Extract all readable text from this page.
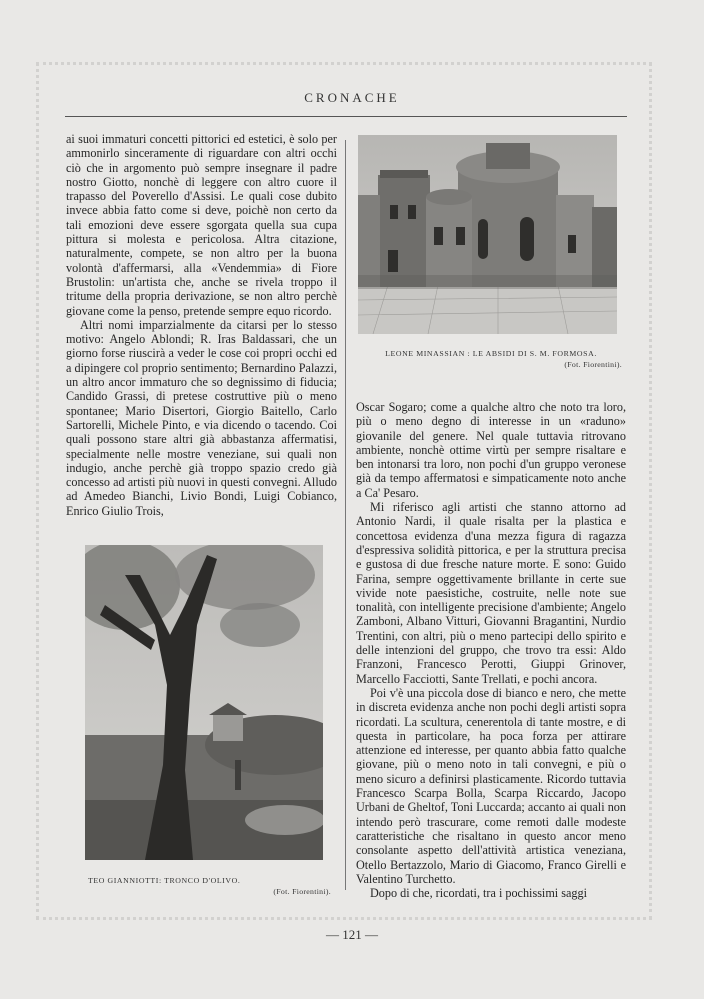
CRONACHE

ai suoi immaturi concetti pittorici ed estetici, è solo per ammonirlo sinceramente di riguardare con altri occhi ciò che in argomento può sempre insegnare il padre nostro Giotto, nonchè di leggere con altro cuore il trapasso del Poverello d'Assisi. Le quali cose dubito invece abbia fatto come si deve, poichè non certo da tali emozioni deve essere sgorgata quella sua cupa pittura si molesta e pericolosa. Altra citazione, naturalmente, compete, se non altro per la buona volontà d'affermarsi, alla «Vendemmia» di Fiore Brustolin: un'artista che, anche se rivela troppo il tritume della propria derivazione, se non altro perchè giovane come la penso, pretende sempre equo ricordo.

Altri nomi imparzialmente da citarsi per lo stesso motivo: Angelo Ablondi; R. Iras Baldassari, che un giorno forse riuscirà a veder le cose coi propri occhi ed a dipingere col proprio sentimento; Bernardino Palazzi, un altro ancor immaturo che so degnissimo di fiducia; Candido Grassi, di pretese costruttive più o meno spontanee; Mario Disertori, Giorgio Baitello, Carlo Sartorelli, Michele Pinto, e via dicendo o tacendo. Coi quali possono stare altri già abbastanza affermatisi, specialmente nelle mostre veneziane, sui quali non indugio, anche perchè già troppo spazio credo già concesso ad artisti più nuovi in questi convegni. Alludo ad Amedeo Bianchi, Livio Bondi, Luigi Cobianco, Enrico Giulio Trois,

LEONE MINASSIAN : LE ABSIDI DI S. M. FORMOSA.
(Fot. Fiorentini).

Oscar Sogaro; come a qualche altro che noto tra loro, più o meno degno di interesse in un «raduno» giovanile del genere. Nel quale tuttavia ritrovano ambiente, nonchè ottime virtù per sempre risaltare e ben intonarsi tra loro, non pochi d'un gruppo veronese già da tempo affermatosi e simpaticamente noto anche a Ca' Pesaro.

Mi riferisco agli artisti che stanno attorno ad Antonio Nardi, il quale risalta per la plastica e concettosa evidenza d'una mezza figura di ragazza d'espressiva solidità pittorica, e per la struttura precisa e gustosa di due fresche nature morte. E sono: Guido Farina, sempre oggettivamente brillante in certe sue vivide note paesistiche, costruite, nelle note sue tonalità, con intelligente precisione d'ambiente; Angelo Zamboni, Albano Vitturi, Giovanni Bragantini, Nurdio Trentini, con altri, più o meno partecipi dello spirito e delle intenzioni del gruppo, che trovo tra essi: Aldo Franzoni, Francesco Perotti, Giuppi Grinover, Marcello Facciotti, Sante Trellati, e pochi ancora.

Poi v'è una piccola dose di bianco e nero, che mette in discreta evidenza anche non pochi degli artisti sopra ricordati. La scultura, cenerentola di tante mostre, e di questa in particolare, ha poca forza per attirare attenzione ed interesse, per quanto abbia fatto qualche giovane, più o meno noto in tali convegni, e più o meno sicuro a definirsi plasticamente. Ricordo tuttavia Francesco Scarpa Bolla, Scarpa Riccardo, Jacopo Urbani de Gheltof, Toni Luccarda; accanto ai quali non intendo però trascurare, come remoti dalle modeste caratteristiche che risaltano in questo ancor meno consolante aspetto dell'attività artistica veneziana, Otello Bertazzolo, Mario di Giacomo, Franco Girelli e Valentino Turchetto.

Dopo di che, ricordati, tra i pochissimi saggi

TEO GIANNIOTTI: TRONCO D'OLIVO.
(Fot. Fiorentini).
— 121 —
